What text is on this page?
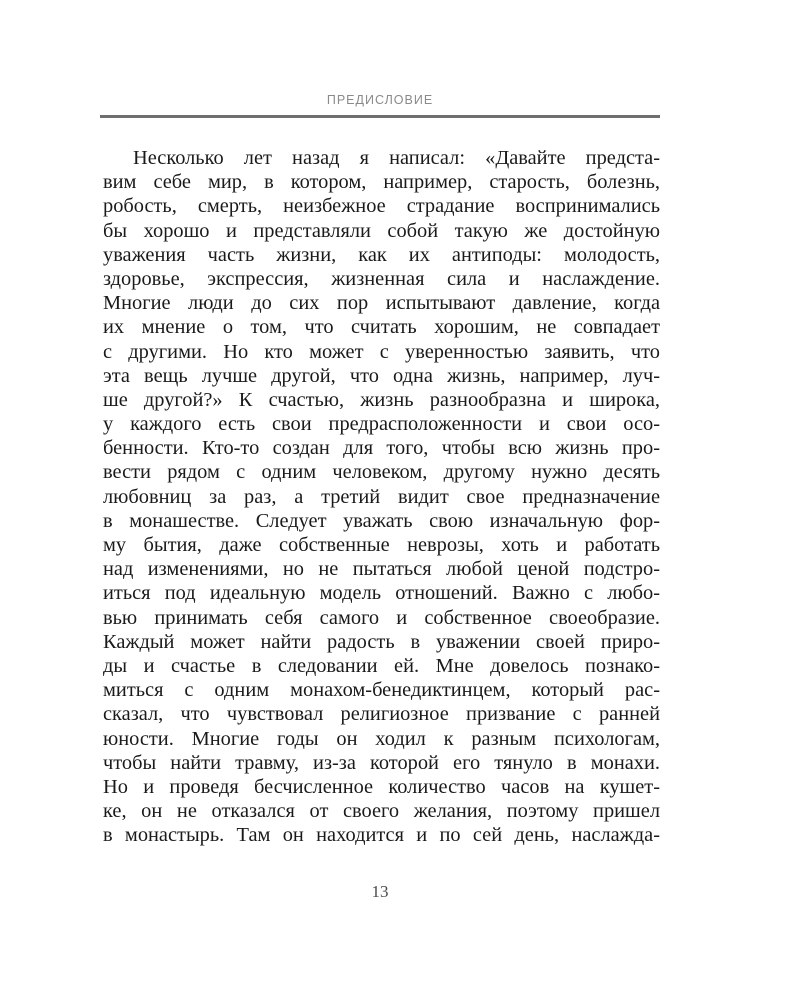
ПРЕДИСЛОВИЕ
Несколько лет назад я написал: «Давайте предста-
вим себе мир, в котором, например, старость, болезнь,
робость, смерть, неизбежное страдание воспринимались
бы хорошо и представляли собой такую же достойную
уважения часть жизни, как их антиподы: молодость,
здоровье, экспрессия, жизненная сила и наслаждение.
Многие люди до сих пор испытывают давление, когда
их мнение о том, что считать хорошим, не совпадает
с другими. Но кто может с уверенностью заявить, что
эта вещь лучше другой, что одна жизнь, например, луч-
ше другой?» К счастью, жизнь разнообразна и широка,
у каждого есть свои предрасположенности и свои осо-
бенности. Кто-то создан для того, чтобы всю жизнь про-
вести рядом с одним человеком, другому нужно десять
любовниц за раз, а третий видит свое предназначение
в монашестве. Следует уважать свою изначальную фор-
му бытия, даже собственные неврозы, хоть и работать
над изменениями, но не пытаться любой ценой подстро-
иться под идеальную модель отношений. Важно с любо-
вью принимать себя самого и собственное своеобразие.
Каждый может найти радость в уважении своей приро-
ды и счастье в следовании ей. Мне довелось познако-
миться с одним монахом-бенедиктинцем, который рас-
сказал, что чувствовал религиозное призвание с ранней
юности. Многие годы он ходил к разным психологам,
чтобы найти травму, из-за которой его тянуло в монахи.
Но и проведя бесчисленное количество часов на кушет-
ке, он не отказался от своего желания, поэтому пришел
в монастырь. Там он находится и по сей день, наслажда-
13
